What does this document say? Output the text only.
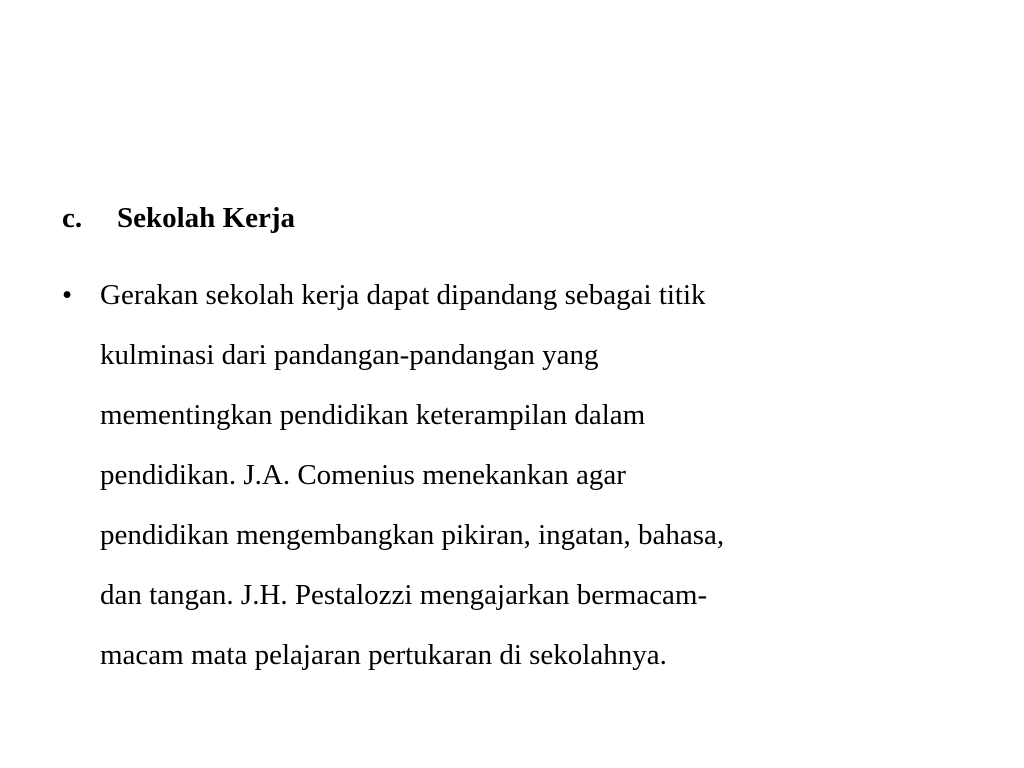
c. Sekolah Kerja
• Gerakan sekolah kerja dapat dipandang sebagai titik
kulminasi dari pandangan-pandangan yang
mementingkan pendidikan keterampilan dalam
pendidikan. J.A. Comenius menekankan agar
pendidikan mengembangkan pikiran, ingatan, bahasa,
dan tangan. J.H. Pestalozzi mengajarkan bermacam-
macam mata pelajaran pertukaran di sekolahnya.
